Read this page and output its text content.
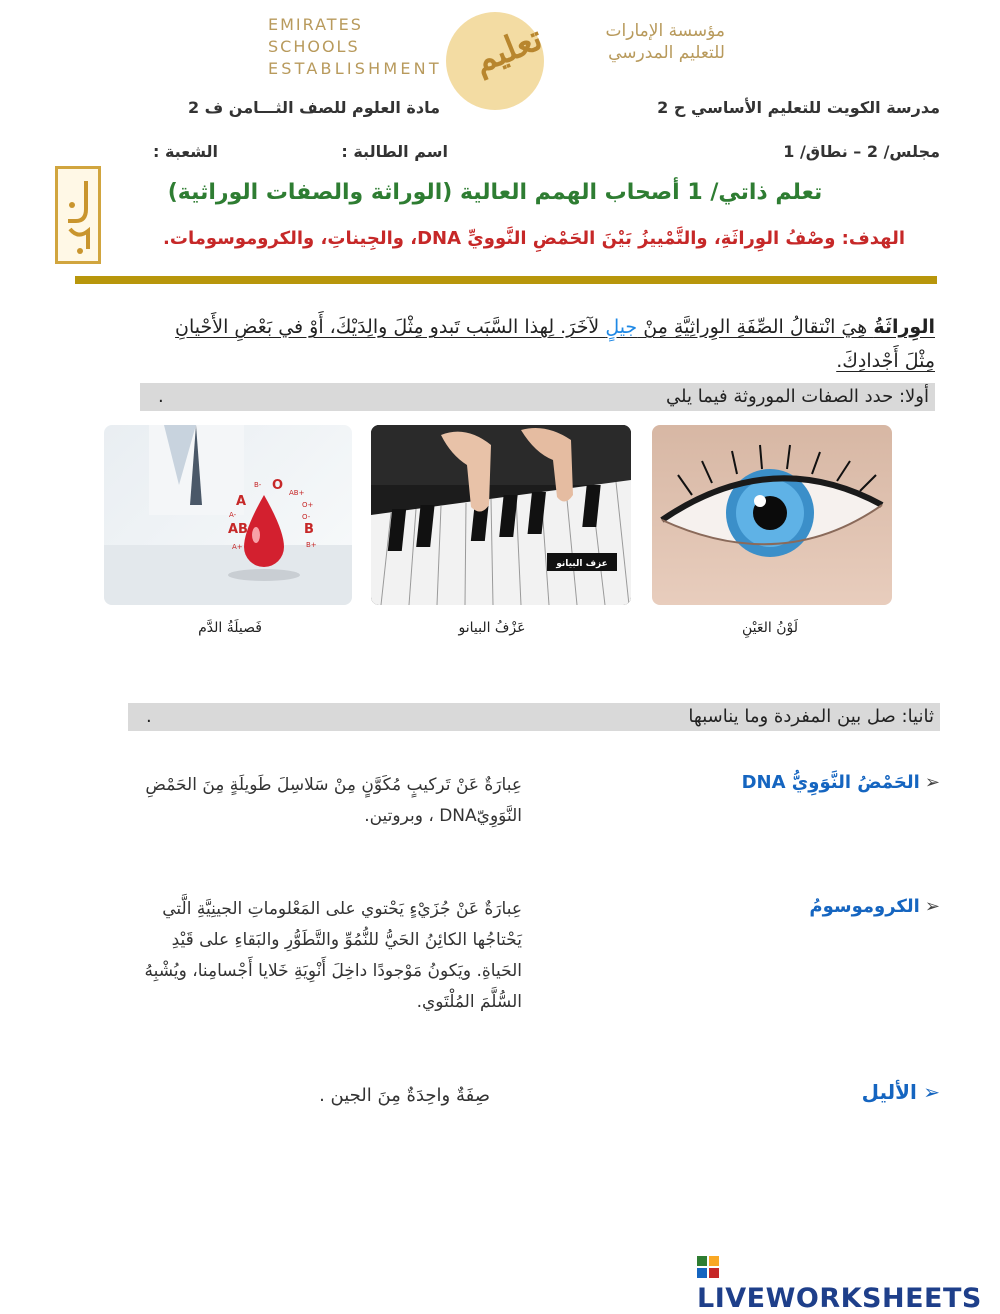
EMIRATES SCHOOLS
ESTABLISHMENT تعليم	مؤسسة الإمارات
للتعليم المدرسي
مدرسة الكويت للتعليم الأساسي ح 2
مادة العلوم للصف الثـــامن ف 2
مجلس/ 2 – نطاق/ 1
اسم الطالبة :
الشعبة :
تعلم ذاتي/ 1 أصحاب الهمم العالية (الوراثة والصفات الوراثية)
الهدف: وصْفُ الوِراثَةِ، والتَّمْييزُ بَيْنَ الحَمْضِ النَّوويِّ DNA، والجِيناتِ، والكروموسومات.
الوِراثَةُ هِيَ انْتقالُ الصِّفَةِ الوِراثِيَّةِ مِنْ جيلٍ لآخَرَ. لِهذا السَّبَب تَبدو مِثْلَ والِدَيْكَ، أَوْ في بَعْضِ الأَحْيانِ مِثْلَ أَجْدادِكَ.
أولا: حدد الصفات الموروثة فيما يلي
.
A
O
AB	B
B-
AB+
O+
A-	O-
A+	B+
عزف البيانو
لَوْنُ العَيْنِ
عَزْفُ البيانو
فَصيلَةُ الدَّم
ثانيا: صل بين المفردة وما يناسبها
.
➢ الحَمْضُ النَّوَوِيُّ DNA
عِبارَةٌ عَنْ تَركيبٍ مُكَوَّنٍ مِنْ سَلاسِلَ طَويلَةٍ مِنَ الحَمْضِ النَّوَوِيّDNA ، وبروتين.
➢ الكروموسومُ
عِبارَةٌ عَنْ جُزَيْءٍ يَحْتوي على المَعْلوماتِ الجينِيَّةِ الَّتي يَحْتاجُها الكائِنُ الحَيُّ للنُّمُوِّ والتَّطَوُّرِ والبَقاءِ على قَيْدِ الحَياةِ. ويَكونُ مَوْجودًا داخِلَ أَنْوِيَةِ خَلايا أَجْسامِنا، ويُشْبِهُ السُّلَّمَ المُلْتَوي.
➢ الأليل
صِفَةٌ واحِدَةٌ مِنَ الجين .
LIVEWORKSHEETS
